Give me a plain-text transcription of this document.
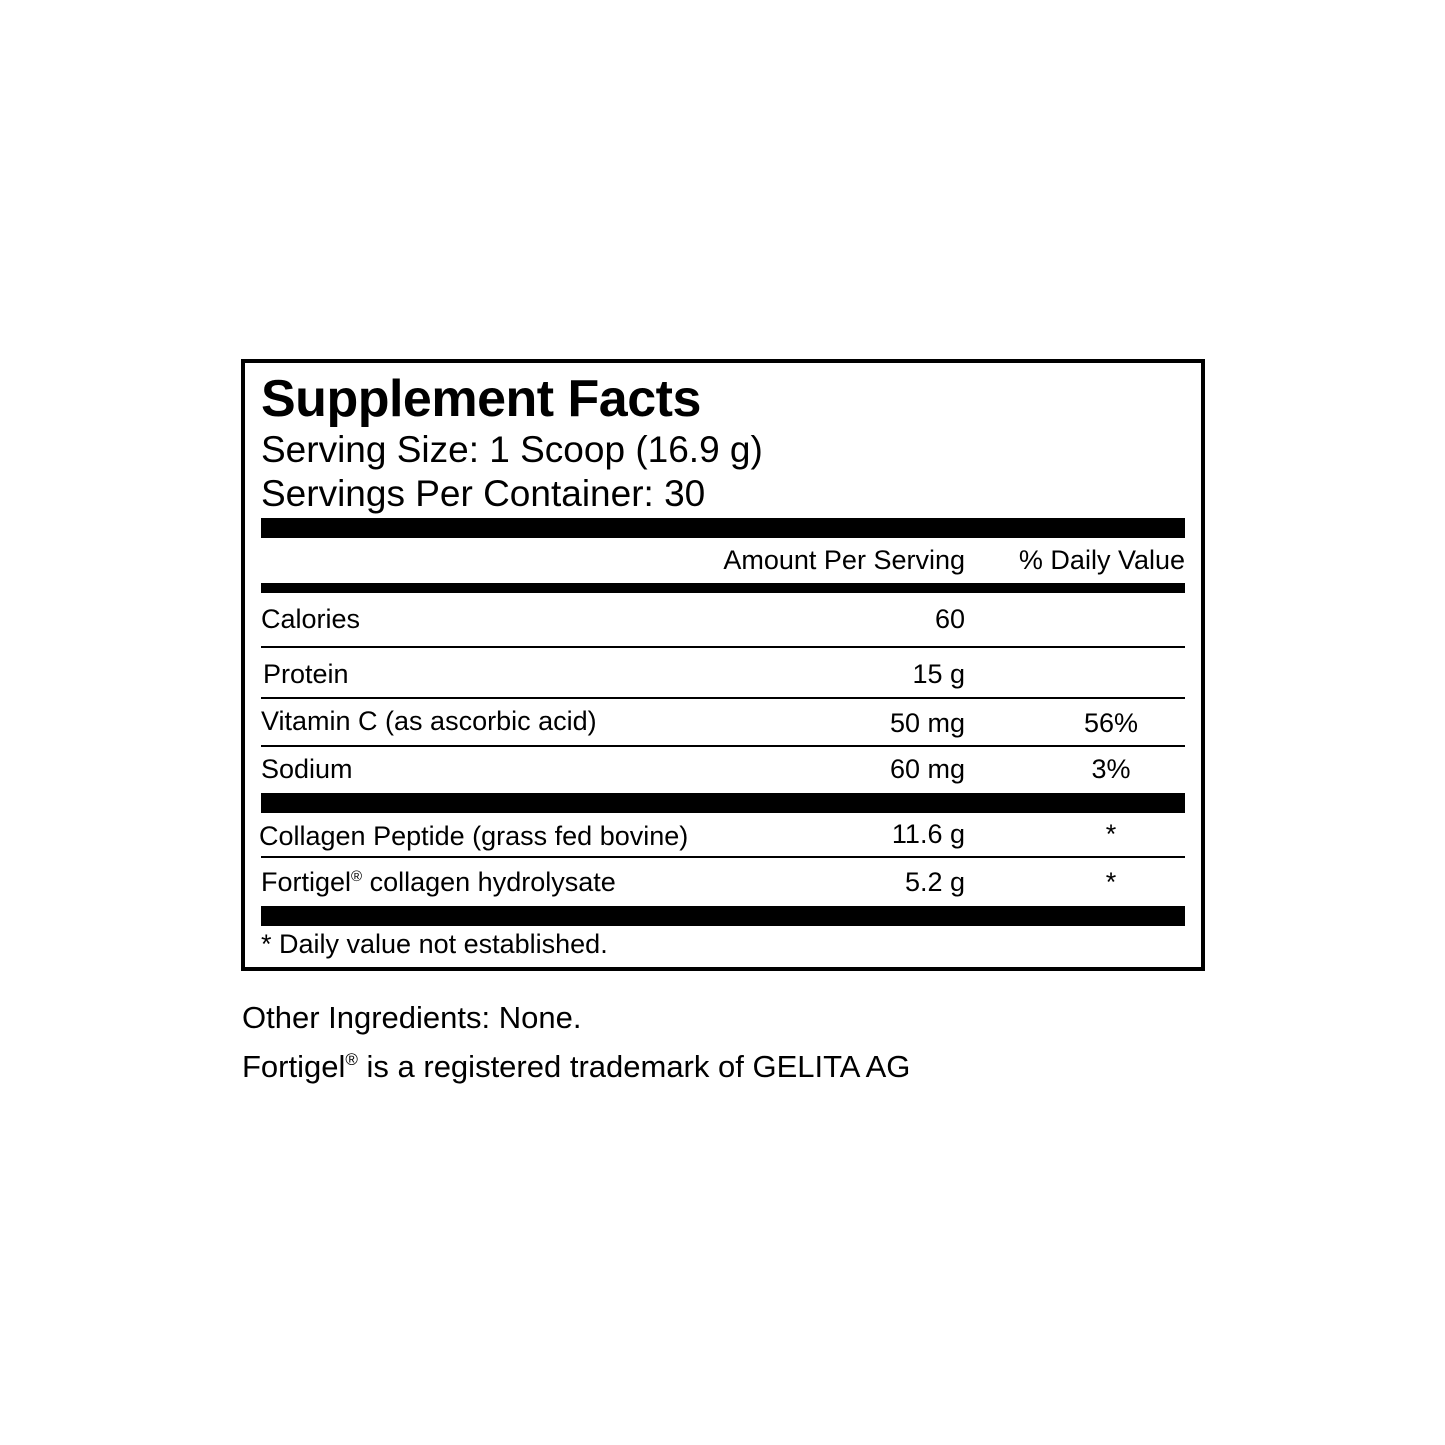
Supplement Facts
Serving Size: 1 Scoop (16.9 g)
Servings Per Container: 30
Amount Per Serving % Daily Value
Calories	60
Protein	15 g
Vitamin C (as ascorbic acid)	50 mg	56%
Sodium	60 mg	3%
Collagen Peptide (grass fed bovine)	11.6 g	*
Fortigel® collagen hydrolysate	5.2 g	*
* Daily value not established.
Other Ingredients: None.
Fortigel® is a registered trademark of GELITA AG
